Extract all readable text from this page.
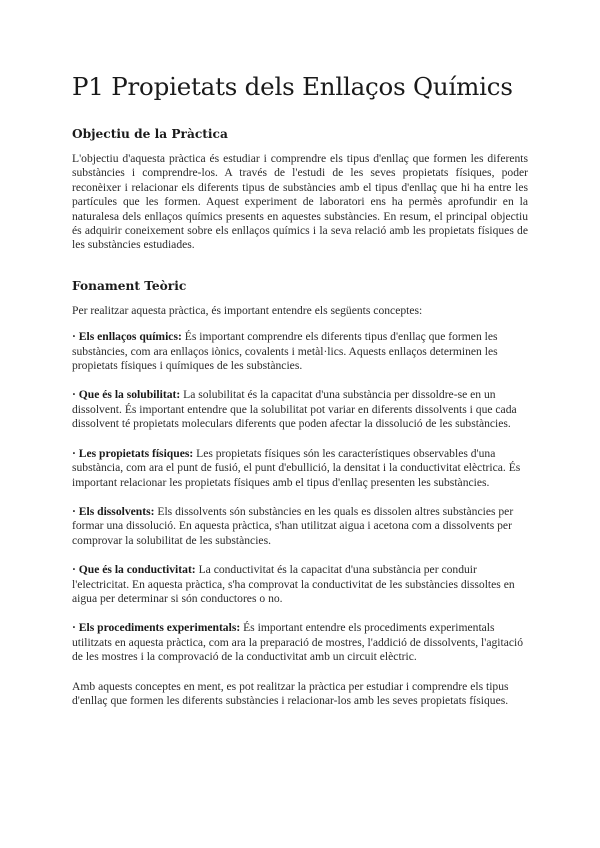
P1 Propietats dels Enllaços Químics
Objectiu de la Pràctica

L'objectiu d'aquesta pràctica és estudiar i comprendre els tipus d'enllaç que formen les diferents substàncies i comprendre-los. A través de l'estudi de les seves propietats físiques, poder reconèixer i relacionar els diferents tipus de substàncies amb el tipus d'enllaç que hi ha entre les partícules que les formen. Aquest experiment de laboratori ens ha permès aprofundir en la naturalesa dels enllaços químics presents en aquestes substàncies. En resum, el principal objectiu és adquirir coneixement sobre els enllaços químics i la seva relació amb les propietats físiques de les substàncies estudiades.

Fonament Teòric

Per realitzar aquesta pràctica, és important entendre els següents conceptes:

· Els enllaços químics: És important comprendre els diferents tipus d'enllaç que formen les substàncies, com ara enllaços iònics, covalents i metàl·lics. Aquests enllaços determinen les propietats físiques i químiques de les substàncies.

· Que és la solubilitat: La solubilitat és la capacitat d'una substància per dissoldre-se en un dissolvent. És important entendre que la solubilitat pot variar en diferents dissolvents i que cada dissolvent té propietats moleculars diferents que poden afectar la dissolució de les substàncies.

· Les propietats físiques: Les propietats físiques són les característiques observables d'una substància, com ara el punt de fusió, el punt d'ebullició, la densitat i la conductivitat elèctrica. És important relacionar les propietats físiques amb el tipus d'enllaç presenten les substàncies.

· Els dissolvents: Els dissolvents són substàncies en les quals es dissolen altres substàncies per formar una dissolució. En aquesta pràctica, s'han utilitzat aigua i acetona com a dissolvents per comprovar la solubilitat de les substàncies.

· Que és la conductivitat: La conductivitat és la capacitat d'una substància per conduir l'electricitat. En aquesta pràctica, s'ha comprovat la conductivitat de les substàncies dissoltes en aigua per determinar si són conductores o no.

· Els procediments experimentals: És important entendre els procediments experimentals utilitzats en aquesta pràctica, com ara la preparació de mostres, l'addició de dissolvents, l'agitació de les mostres i la comprovació de la conductivitat amb un circuit elèctric.

Amb aquests conceptes en ment, es pot realitzar la pràctica per estudiar i comprendre els tipus d'enllaç que formen les diferents substàncies i relacionar-los amb les seves propietats físiques.
